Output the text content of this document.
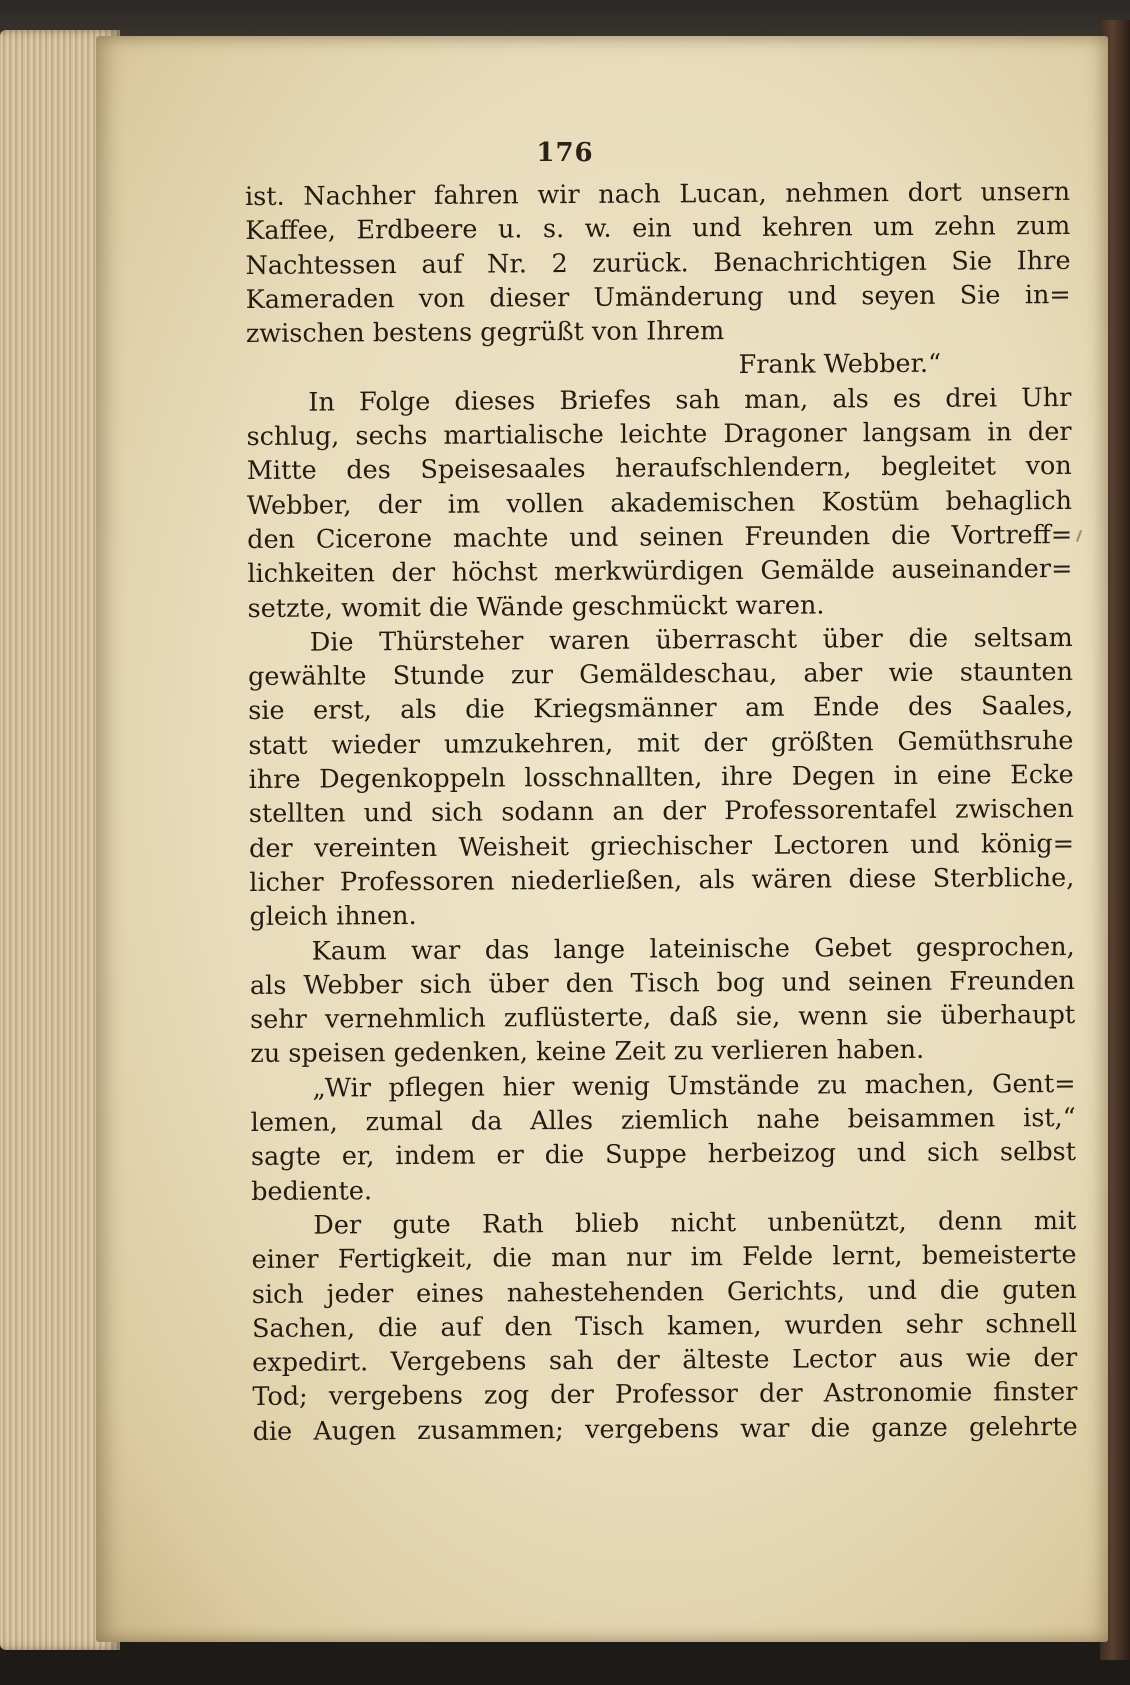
176
ist. Nachher fahren wir nach Lucan, nehmen dort unsern
Kaffee, Erdbeere u. s. w. ein und kehren um zehn zum
Nachtessen auf Nr. 2 zurück. Benachrichtigen Sie Ihre
Kameraden von dieser Umänderung und seyen Sie in=
zwischen bestens gegrüßt von Ihrem
Frank Webber.“
In Folge dieses Briefes sah man, als es drei Uhr
schlug, sechs martialische leichte Dragoner langsam in der
Mitte des Speisesaales heraufschlendern, begleitet von
Webber, der im vollen akademischen Kostüm behaglich
den Cicerone machte und seinen Freunden die Vortreff=
lichkeiten der höchst merkwürdigen Gemälde auseinander=
setzte, womit die Wände geschmückt waren.
Die Thürsteher waren überrascht über die seltsam
gewählte Stunde zur Gemäldeschau, aber wie staunten
sie erst, als die Kriegsmänner am Ende des Saales,
statt wieder umzukehren, mit der größten Gemüthsruhe
ihre Degenkoppeln losschnallten, ihre Degen in eine Ecke
stellten und sich sodann an der Professorentafel zwischen
der vereinten Weisheit griechischer Lectoren und könig=
licher Professoren niederließen, als wären diese Sterbliche,
gleich ihnen.
Kaum war das lange lateinische Gebet gesprochen,
als Webber sich über den Tisch bog und seinen Freunden
sehr vernehmlich zuflüsterte, daß sie, wenn sie überhaupt
zu speisen gedenken, keine Zeit zu verlieren haben.
„Wir pflegen hier wenig Umstände zu machen, Gent=
lemen, zumal da Alles ziemlich nahe beisammen ist,“
sagte er, indem er die Suppe herbeizog und sich selbst
bediente.
Der gute Rath blieb nicht unbenützt, denn mit
einer Fertigkeit, die man nur im Felde lernt, bemeisterte
sich jeder eines nahestehenden Gerichts, und die guten
Sachen, die auf den Tisch kamen, wurden sehr schnell
expedirt. Vergebens sah der älteste Lector aus wie der
Tod; vergebens zog der Professor der Astronomie finster
die Augen zusammen; vergebens war die ganze gelehrte
